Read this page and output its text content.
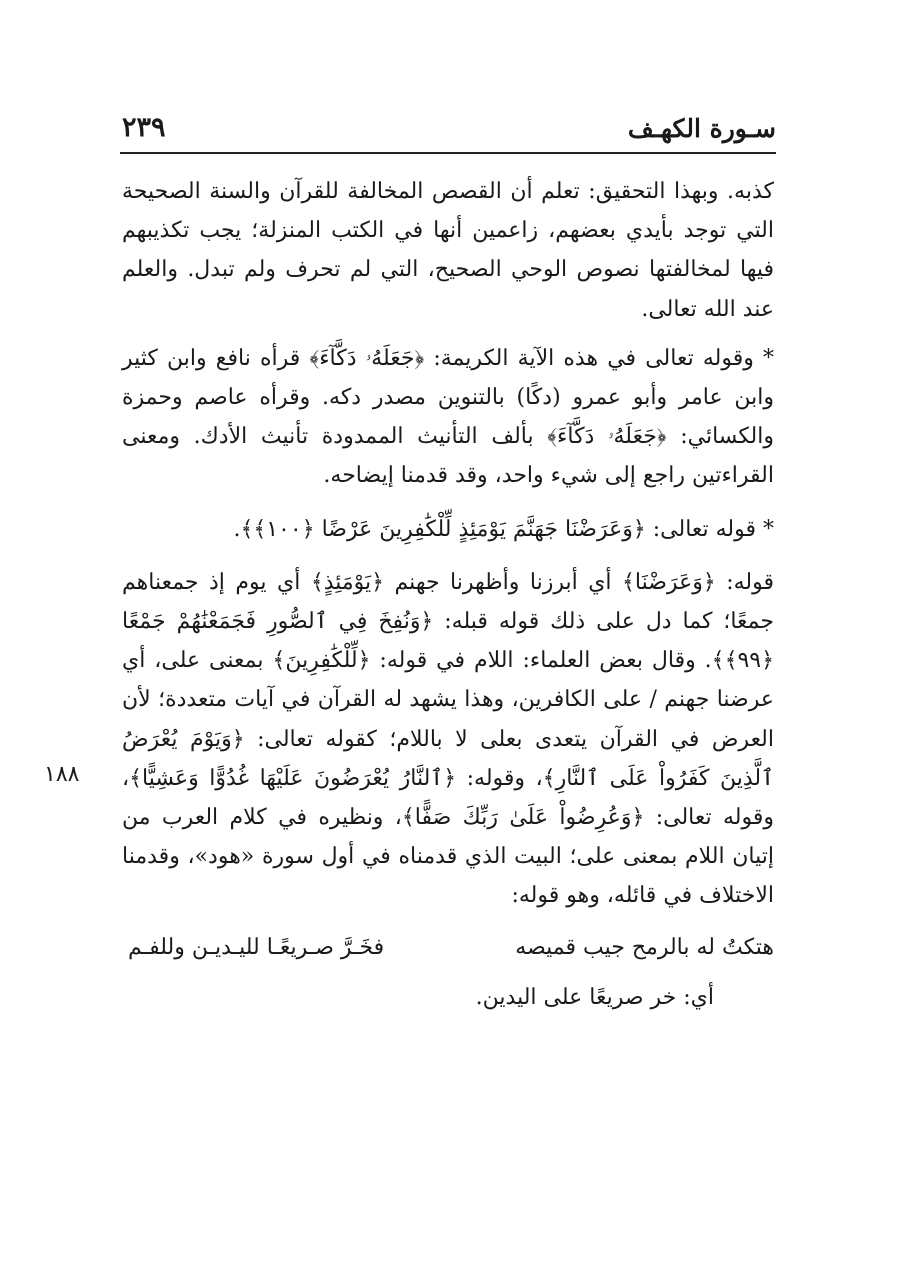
سـورة الكهـف
٢٣٩
١٨٨

كذبه. وبهذا التحقيق: تعلم أن القصص المخالفة للقرآن والسنة الصحيحة التي توجد بأيدي بعضهم، زاعمين أنها في الكتب المنزلة؛ يجب تكذيبهم فيها لمخالفتها نصوص الوحي الصحيح، التي لم تحرف ولم تبدل. والعلم عند الله تعالى.

* وقوله تعالى في هذه الآية الكريمة: ﴿جَعَلَهُۥ دَكَّآءَ﴾ قرأه نافع وابن كثير وابن عامر وأبو عمرو (دكًا) بالتنوين مصدر دكه. وقرأه عاصم وحمزة والكسائي: ﴿جَعَلَهُۥ دَكَّآءَ﴾ بألف التأنيث الممدودة تأنيث الأدك. ومعنى القراءتين راجع إلى شيء واحد، وقد قدمنا إيضاحه.

* قوله تعالى: ﴿وَعَرَضْنَا جَهَنَّمَ يَوْمَئِذٍ لِّلْكَٰفِرِينَ عَرْضًا ﴿١٠٠﴾﴾.

قوله: ﴿وَعَرَضْنَا﴾ أي أبرزنا وأظهرنا جهنم ﴿يَوْمَئِذٍ﴾ أي يوم إذ جمعناهم جمعًا؛ كما دل على ذلك قوله قبله: ﴿وَنُفِخَ فِي ٱلصُّورِ فَجَمَعْنَٰهُمْ جَمْعًا ﴿٩٩﴾﴾. وقال بعض العلماء: اللام في قوله: ﴿لِّلْكَٰفِرِينَ﴾ بمعنى على، أي عرضنا جهنم / على الكافرين، وهذا يشهد له القرآن في آيات متعددة؛ لأن العرض في القرآن يتعدى بعلى لا باللام؛ كقوله تعالى: ﴿وَيَوْمَ يُعْرَضُ ٱلَّذِينَ كَفَرُواْ عَلَى ٱلنَّارِ﴾، وقوله: ﴿ٱلنَّارُ يُعْرَضُونَ عَلَيْهَا غُدُوًّا وَعَشِيًّا﴾، وقوله تعالى: ﴿وَعُرِضُواْ عَلَىٰ رَبِّكَ صَفًّا﴾، ونظيره في كلام العرب من إتيان اللام بمعنى على؛ البيت الذي قدمناه في أول سورة «هود»، وقدمنا الاختلاف في قائله، وهو قوله:

هتكتُ له بالرمح جيب قميصه
فخَـرَّ صـريعًـا لليـديـن وللفـم

أي: خر صريعًا على اليدين.
